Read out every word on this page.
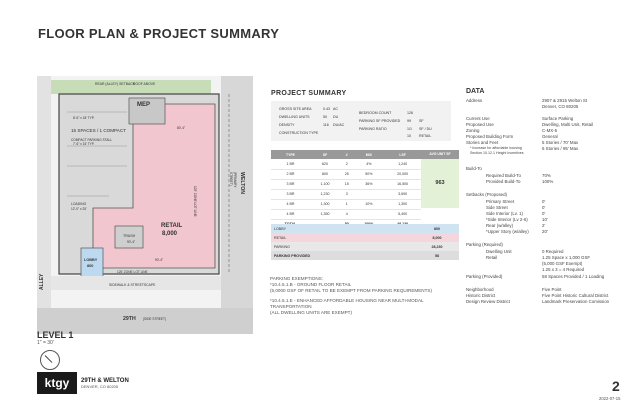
FLOOR PLAN & PROJECT SUMMARY
REAR (ALLEY) SETBACK
ROOF ABOVE
MEP
8'-6" x 18' TYP.
15 SPACES / 1 COMPACT
COMPACT PARKING STALL
7'-6" x 15' TYP.
80'-4"
LOADING
12'-0" x 25'
TRASH
RETAIL
8,000
LOBBY
800
90'-4"
90'-4"
125' ZONE LOT LINE
125' ZONE LOT LINE
SIDEWALK & STREETSCAPE
29TH (SIDE STREET)
WELTON
(PRIMARY STREET)
ALLEY
LEVEL 1
1" = 30'
PROJECT SUMMARY
GROSS SITE AREA	0.43 AC
DWELLING UNITS	50	DU
DENSITY	116	DU/AC
CONSTRUCTION TYPE
BEDROOM COUNT	126
PARKING SF PROVIDED	99	SF
PARKING RATIO	1/1	SF / DU
10	RETAIL
TYPE	SF	#	MIX	LSF
1 BR	620	2	4%	1,240
2 BR	800	25	50%	20,000
3 BR	1,100	15	36%	16,500
3 BR	1,230	3		3,690
4 BR	1,300	1	10%	1,300
4 BR	1,350	4		5,400

AVG UNIT SF
963
LOBBY	800
RETAIL	8,000
PARKING	28,230
PARKING PROVIDED	58
PARKING EXEMPTIONS:
*10.4.5.1.B - GROUND FLOOR RETAIL
(5,0000 GSF OF RETAIL TO BE EXEMPT FROM PARKING REQUIREMENTS)
*10.4.5.1.E - ENHANCED AFFORDABLE HOUSING NEAR MULTI-MODAL
TRANSPORTATION
(ALL DWELLING UNITS ARE EXEMPT)
DATA
Address	2907 & 2915 Welton St
Denver, CO 80205
Current Use	Surface Parking
Proposed Use	Dwelling, Multi Unit, Retail
Zoning	C-MX-5
Proposed Building Form	General
Stories and Feet	5 Stories / 70' Max
* Increase for affordable housing	6 Stories / 95' Max
Section 10.12.1 Height Incentives
Build-To
Required Build-To	70%
Provided Build-To	100%
Setbacks (Proposed)
Primary Street	0'
Side Street	0'
Side Interior (Lv. 1)	0'
*Side Interior (Lv 2-6)	10'
Rear (w/alley)	2'
*Upper Story (w/alley)	20'
Parking (Required)
Dwelling Unit	0 Required
Retail	1.25 Space x 1,000 GSF
(5,000 GSF Exempt)
1.25 x 3 = 4 Required
Parking (Provided)	58 Spaces Provided / 1 Loading
Neighborhood	Five Point
Historic District	Five Point Historic Cultural District
Design Review District	Landmark Preservation Comission
ktgy	29TH & WELTON
DENVER, CO 80205	2
2022-07-15
